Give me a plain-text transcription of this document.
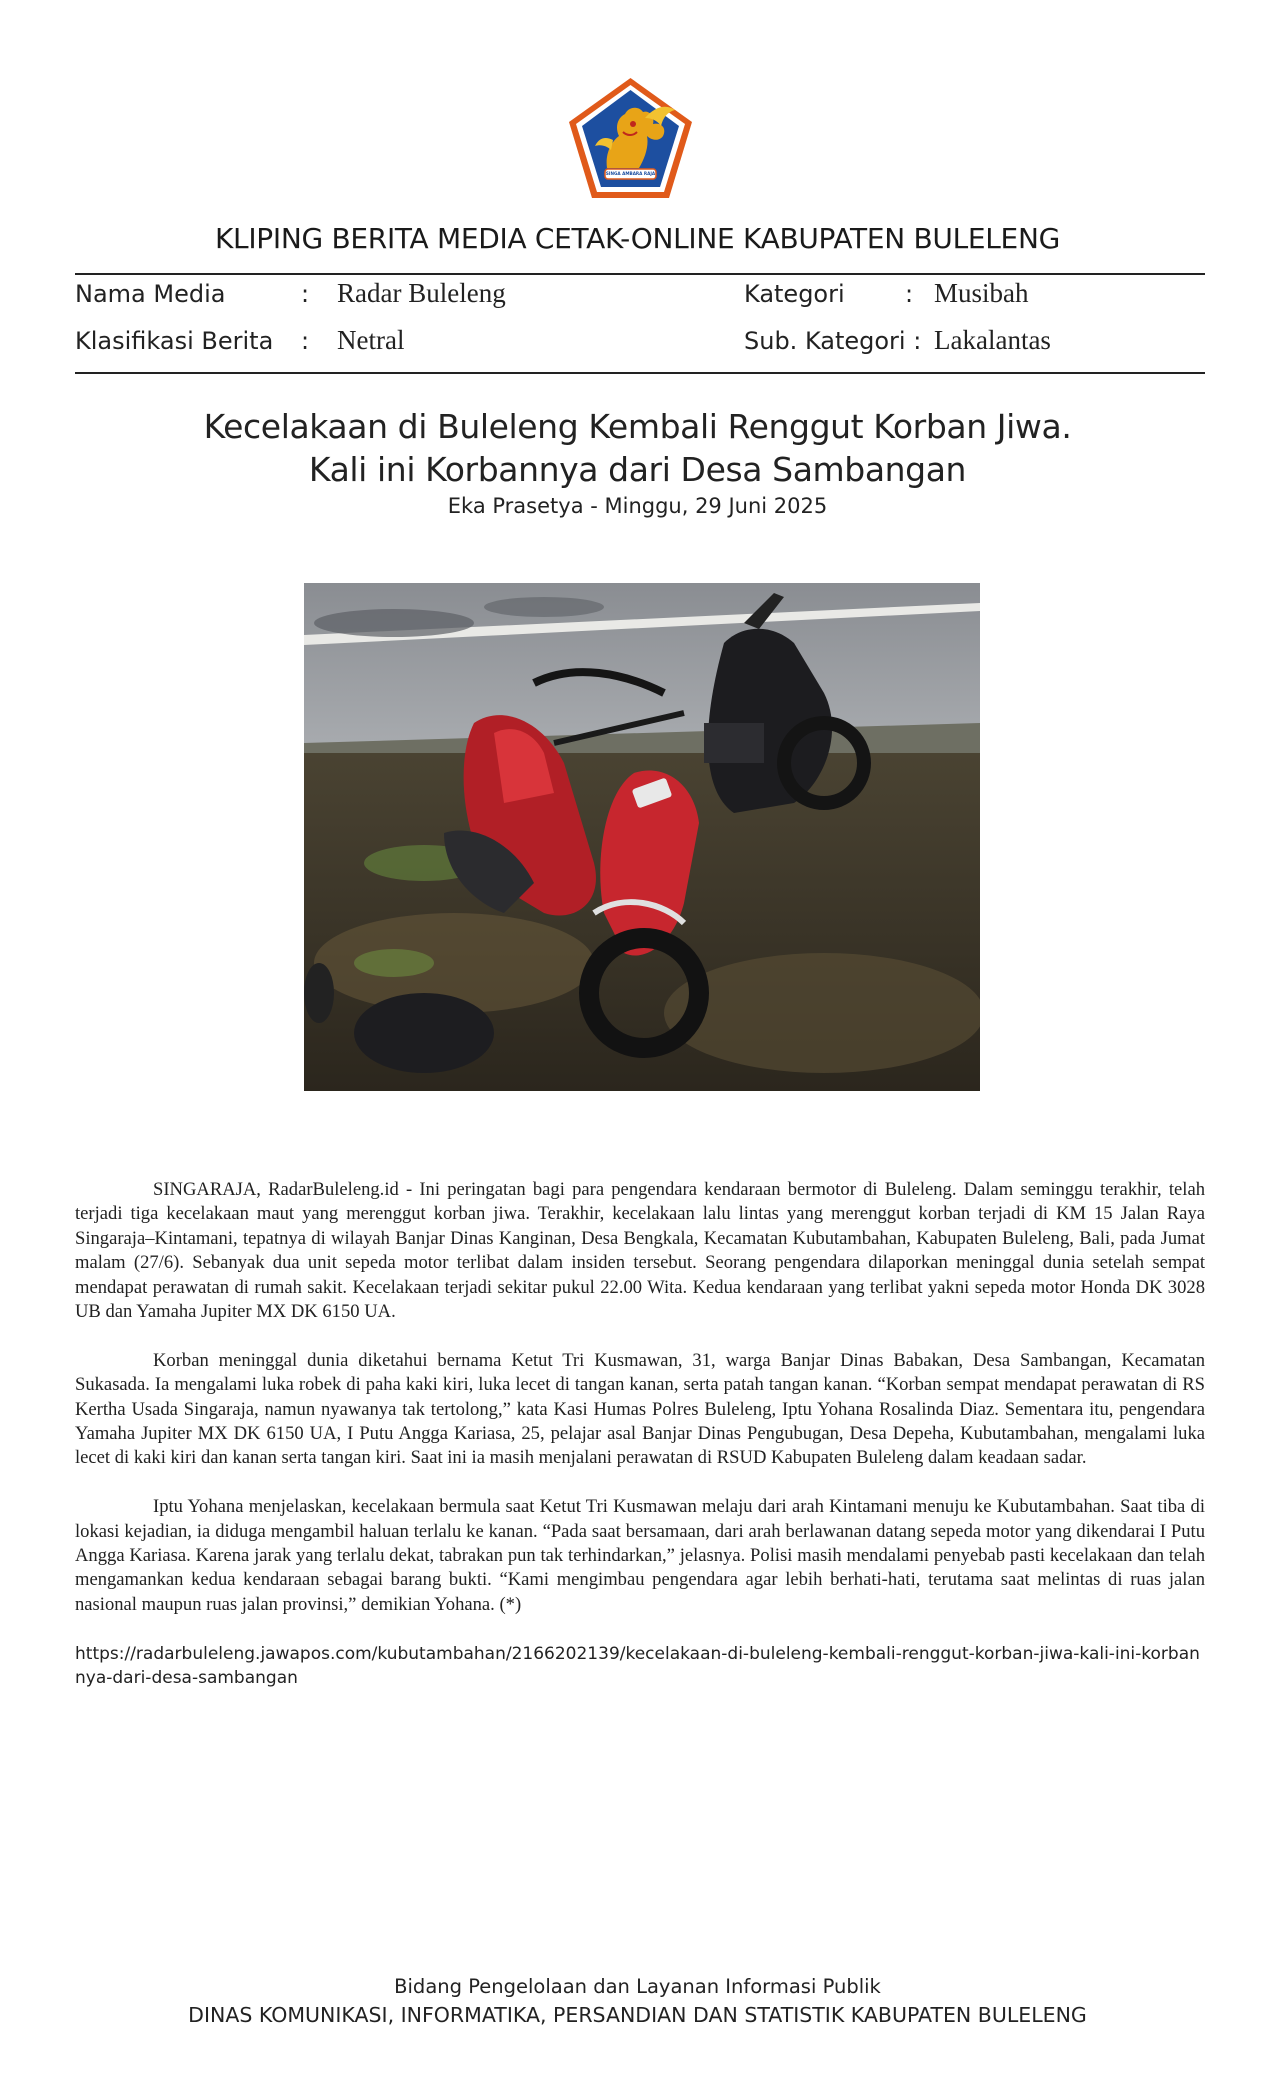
SINGA AMBARA RAJA
KLIPING BERITA MEDIA CETAK-ONLINE KABUPATEN BULELENG
Nama Media	: Radar Buleleng	Kategori	: Musibah
Klasifikasi Berita : Netral	Sub. Kategori : Lakalantas
Kecelakaan di Buleleng Kembali Renggut Korban Jiwa.
Kali ini Korbannya dari Desa Sambangan
Eka Prasetya - Minggu, 29 Juni 2025

SINGARAJA, RadarBuleleng.id - Ini peringatan bagi para pengendara kendaraan bermotor di Buleleng. Dalam seminggu terakhir, telah terjadi tiga kecelakaan maut yang merenggut korban jiwa. Terakhir, kecelakaan lalu lintas yang merenggut korban terjadi di KM 15 Jalan Raya Singaraja–Kintamani, tepatnya di wilayah Banjar Dinas Kanginan, Desa Bengkala, Kecamatan Kubutambahan, Kabupaten Buleleng, Bali, pada Jumat malam (27/6). Sebanyak dua unit sepeda motor terlibat dalam insiden tersebut. Seorang pengendara dilaporkan meninggal dunia setelah sempat mendapat perawatan di rumah sakit. Kecelakaan terjadi sekitar pukul 22.00 Wita. Kedua kendaraan yang terlibat yakni sepeda motor Honda DK 3028 UB dan Yamaha Jupiter MX DK 6150 UA.

Korban meninggal dunia diketahui bernama Ketut Tri Kusmawan, 31, warga Banjar Dinas Babakan, Desa Sambangan, Kecamatan Sukasada. Ia mengalami luka robek di paha kaki kiri, luka lecet di tangan kanan, serta patah tangan kanan. “Korban sempat mendapat perawatan di RS Kertha Usada Singaraja, namun nyawanya tak tertolong,” kata Kasi Humas Polres Buleleng, Iptu Yohana Rosalinda Diaz. Sementara itu, pengendara Yamaha Jupiter MX DK 6150 UA, I Putu Angga Kariasa, 25, pelajar asal Banjar Dinas Pengubugan, Desa Depeha, Kubutambahan, mengalami luka lecet di kaki kiri dan kanan serta tangan kiri. Saat ini ia masih menjalani perawatan di RSUD Kabupaten Buleleng dalam keadaan sadar.

Iptu Yohana menjelaskan, kecelakaan bermula saat Ketut Tri Kusmawan melaju dari arah Kintamani menuju ke Kubutambahan. Saat tiba di lokasi kejadian, ia diduga mengambil haluan terlalu ke kanan. “Pada saat bersamaan, dari arah berlawanan datang sepeda motor yang dikendarai I Putu Angga Kariasa. Karena jarak yang terlalu dekat, tabrakan pun tak terhindarkan,” jelasnya. Polisi masih mendalami penyebab pasti kecelakaan dan telah mengamankan kedua kendaraan sebagai barang bukti. “Kami mengimbau pengendara agar lebih berhati-hati, terutama saat melintas di ruas jalan nasional maupun ruas jalan provinsi,” demikian Yohana. (*)

https://radarbuleleng.jawapos.com/kubutambahan/2166202139/kecelakaan-di-buleleng-kembali-renggut-korban-jiwa-kali-ini-korbannya-dari-desa-sambangan

Bidang Pengelolaan dan Layanan Informasi Publik
DINAS KOMUNIKASI, INFORMATIKA, PERSANDIAN DAN STATISTIK KABUPATEN BULELENG
